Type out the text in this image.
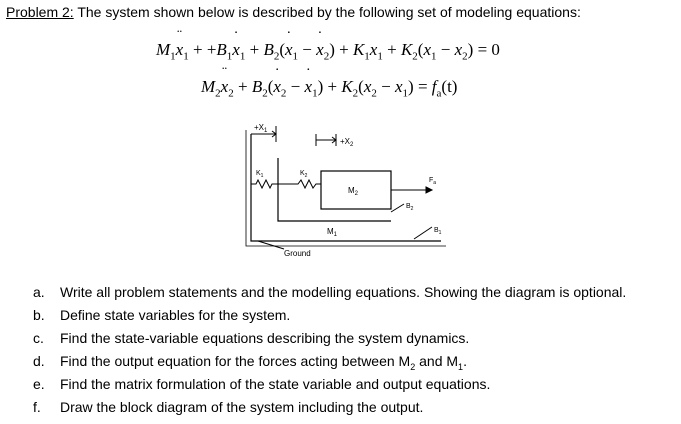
Problem 2: The system shown below is described by the following set of modeling equations:
$M_1¨$ $x_1$ + $+B_1˙$ $x_1$ + $B_2(˙$ $x_1$ − ˙ $x_2) + K_1x_1 + K_2(x_1 - x_2) = 0$
$M_2¨$ $x_2$ + $B_2(˙$ $x_2$ − ˙ $x_1) + K_2(x_2 - x_1) = f_a(t)$
$+X_1$
$+X_2$
$K_1$	$K_2$
$M_2$
$F_a$
$B_2$
$B_1$
$M_1$
Ground
a.	Write all problem statements and the modelling equations. Showing the diagram is optional.
b.	Define state variables for the system.
c.	Find the state-variable equations describing the system dynamics.
d.	Find the output equation for the forces acting between $M_2$ and $M_1$.
e.	Find the matrix formulation of the state variable and output equations.
f.	Draw the block diagram of the system including the output.
